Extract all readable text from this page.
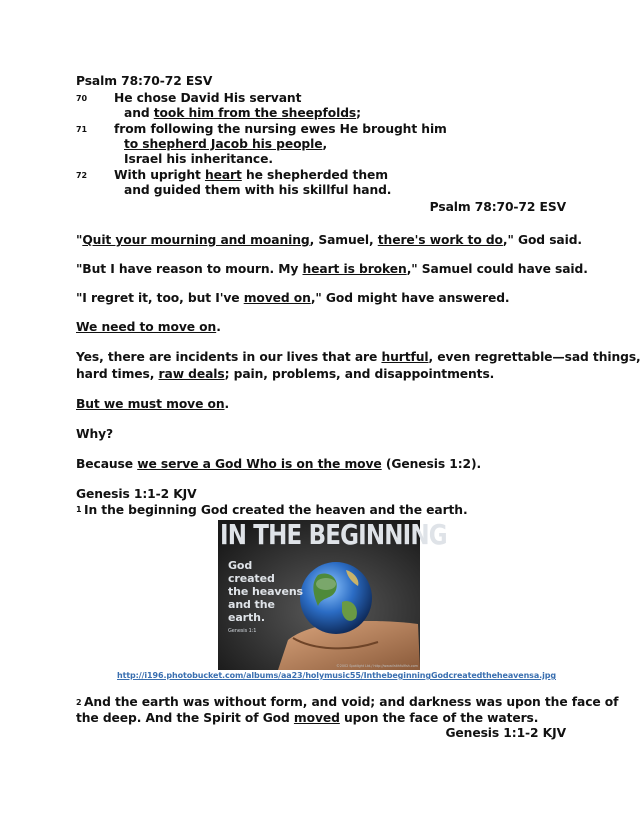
Psalm 78:70-72 ESV
70 He chose David His servant
and took him from the sheepfolds;
71 from following the nursing ewes He brought him
to shepherd Jacob his people,
Israel his inheritance.
72 With upright heart he shepherded them
and guided them with his skillful hand.
Psalm 78:70-72 ESV
"Quit your mourning and moaning, Samuel, there's work to do," God said.
"But I have reason to mourn. My heart is broken," Samuel could have said.
"I regret it, too, but I've moved on," God might have answered.
We need to move on.
Yes, there are incidents in our lives that are hurtful, even regrettable—sad things,
hard times, raw deals; pain, problems, and disappointments.
But we must move on.
Why?
Because we serve a God Who is on the move (Genesis 1:2).
Genesis 1:1-2 KJV
1 In the beginning God created the heaven and the earth.
2 And the earth was without form, and void; and darkness was upon the face of
the deep. And the Spirit of God moved upon the face of the waters.
Genesis 1:1-2 KJV
IN THE BEGINNING
God
created
the heavens
and the
earth.
Genesis 1:1
©2002 Spotlight Ltd./ http://www.faithfulfish.com
http://i196.photobucket.com/albums/aa23/holymusic55/InthebeginningGodcreatedtheheavensa.jpg
